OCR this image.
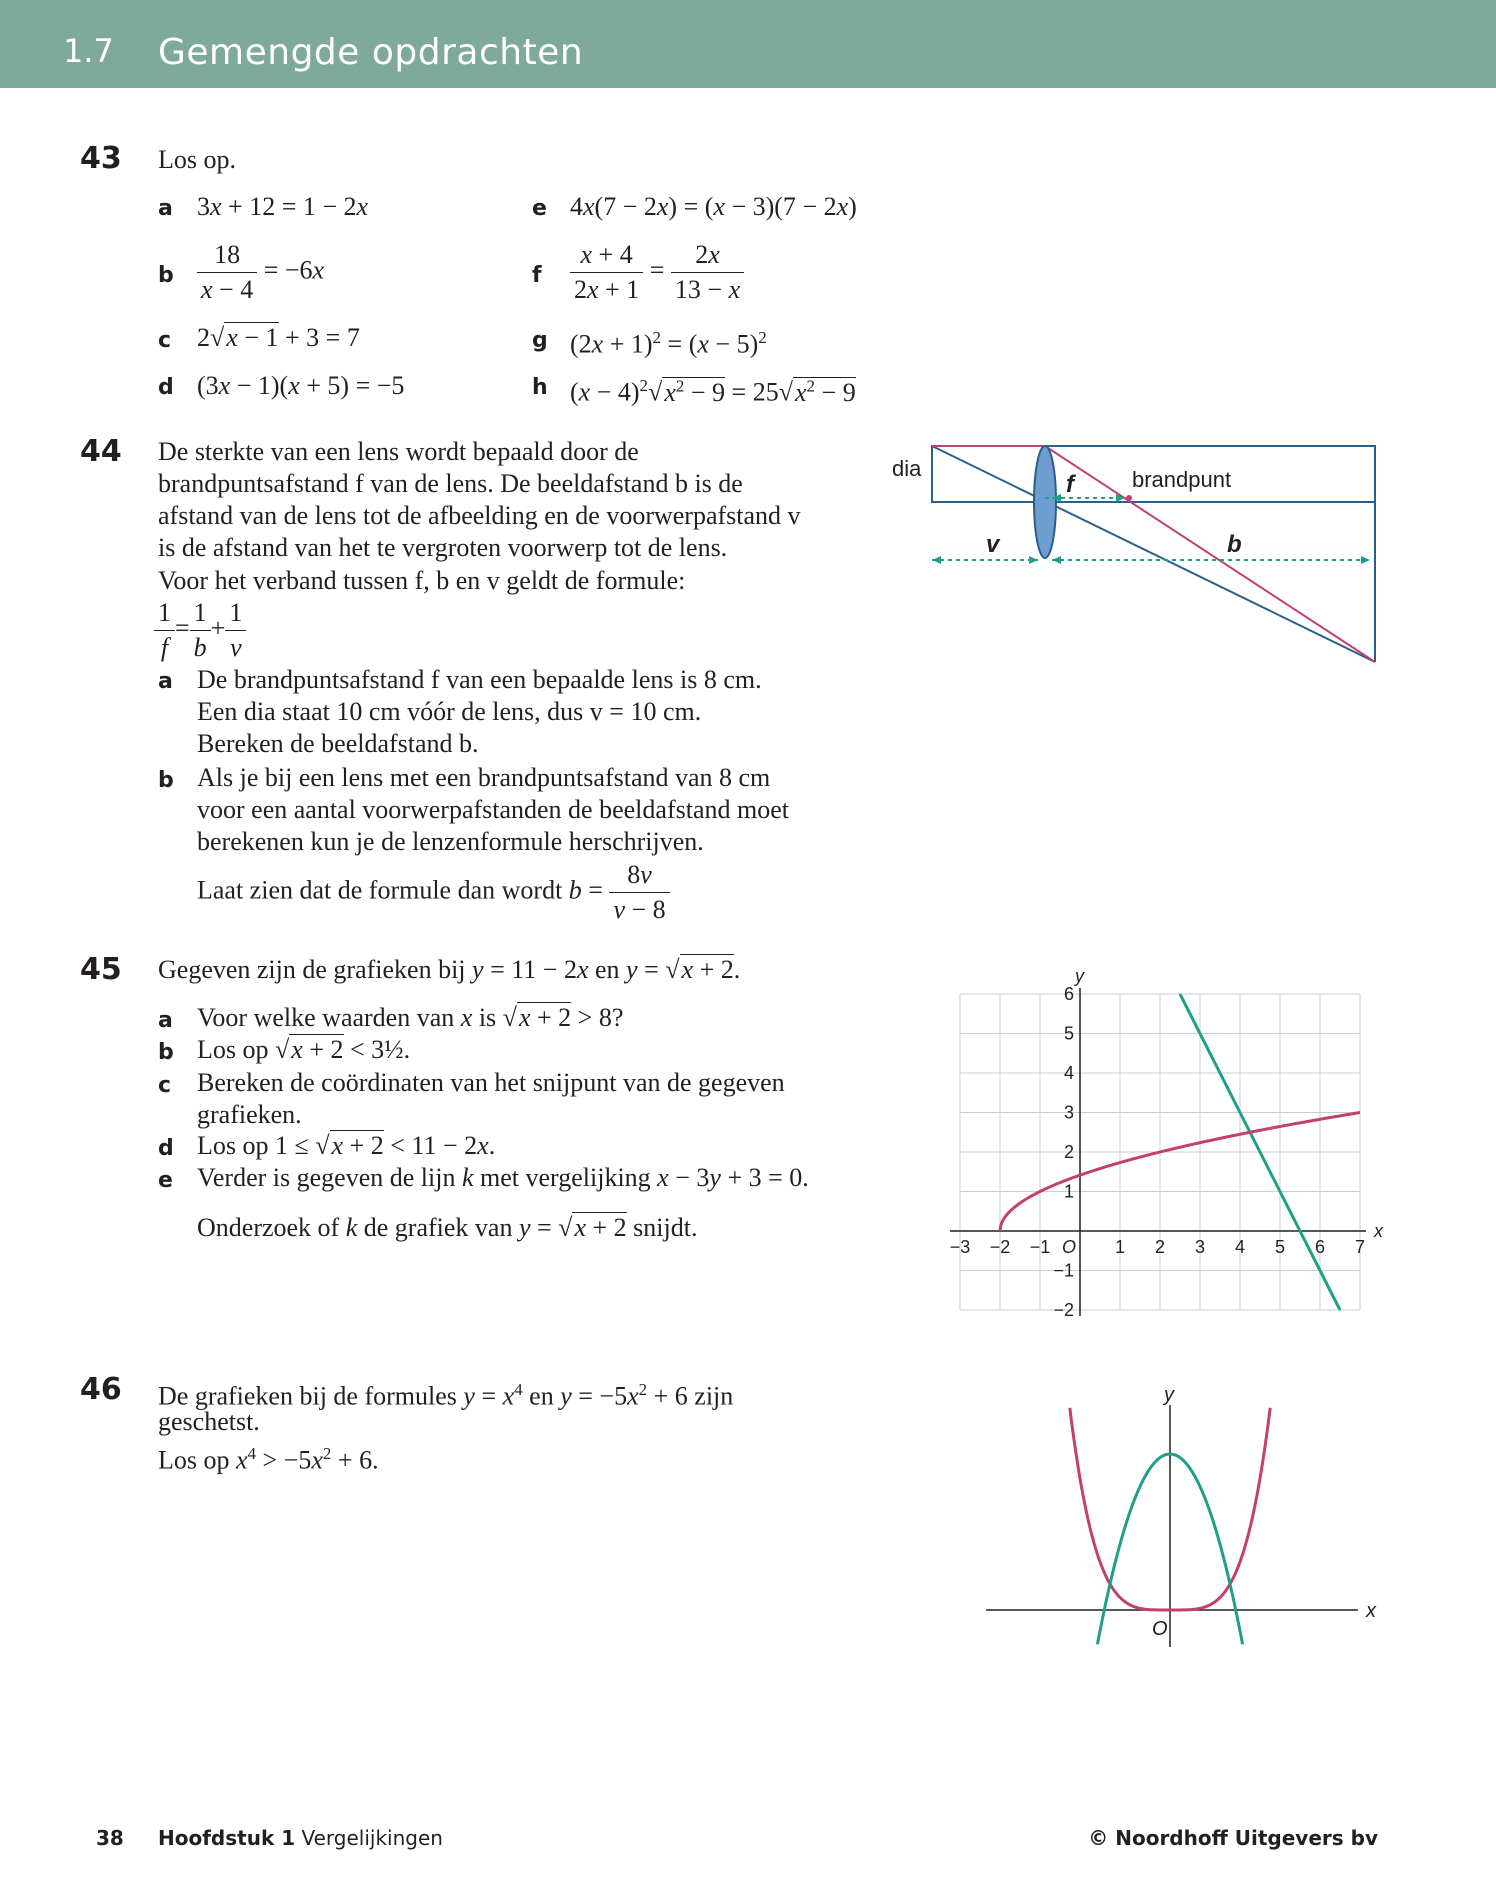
1.7 Gemengde opdrachten
43 Los op.
a 3x + 12 = 1 − 2x
b $\frac{18}{x - 4} = -6x$
c 2√x − 1 + 3 = 7
d (3x − 1)(x + 5) = −5
e 4x(7 − 2x) = (x − 3)(7 − 2x)
f $\frac{x + 4}{2x + 1} = \frac{2x}{13 - x}$
g $(2x + 1)^2 = (x - 5)^2$
h $(x - 4)^2√x^2 - 9 = 25√x^2 - 9$
44 De sterkte van een lens wordt bepaald door de
brandpuntsafstand f van de lens. De beeldafstand b is de
afstand van de lens tot de afbeelding en de voorwerpafstand v
is de afstand van het te vergroten voorwerp tot de lens.
Voor het verband tussen f, b en v geldt de formule:
$\frac{1}{f} = \frac{1}{b} + \frac{1}{v}$
a De brandpuntsafstand f van een bepaalde lens is 8 cm.
Een dia staat 10 cm vóór de lens, dus v = 10 cm.
Bereken de beeldafstand b.
b Als je bij een lens met een brandpuntsafstand van 8 cm
voor een aantal voorwerpafstanden de beeldafstand moet
berekenen kun je de lenzenformule herschrijven.
Laat zien dat de formule dan wordt $b = \frac{8v}{v - 8}$
dia	brandpunt
f
v	b
45 Gegeven zijn de grafieken bij y = 11 − 2x en y = √x + 2.
a Voor welke waarden van x is √x + 2 > 8?
b Los op √x + 2 < 3½.
c Bereken de coördinaten van het snijpunt van de gegeven
grafieken.
d Los op 1 ≤ √x + 2 < 11 − 2x.
e Verder is gegeven de lijn k met vergelijking x − 3y + 3 = 0.
Onderzoek of k de grafiek van y = √x + 2 snijdt.	x
y
−3 −2 −1	1 2 3 4 5 6 7
−2
−1
1
2
3
4
5
6
O
46 De grafieken bij de formules $y = x^4$ en $y = -5x^2 + 6$ zijn
geschetst.
Los op $x^4 > -5x^2 + 6$.
x
y
O
38 Hoofdstuk 1 Vergelijkingen	© Noordhoff Uitgevers bv
